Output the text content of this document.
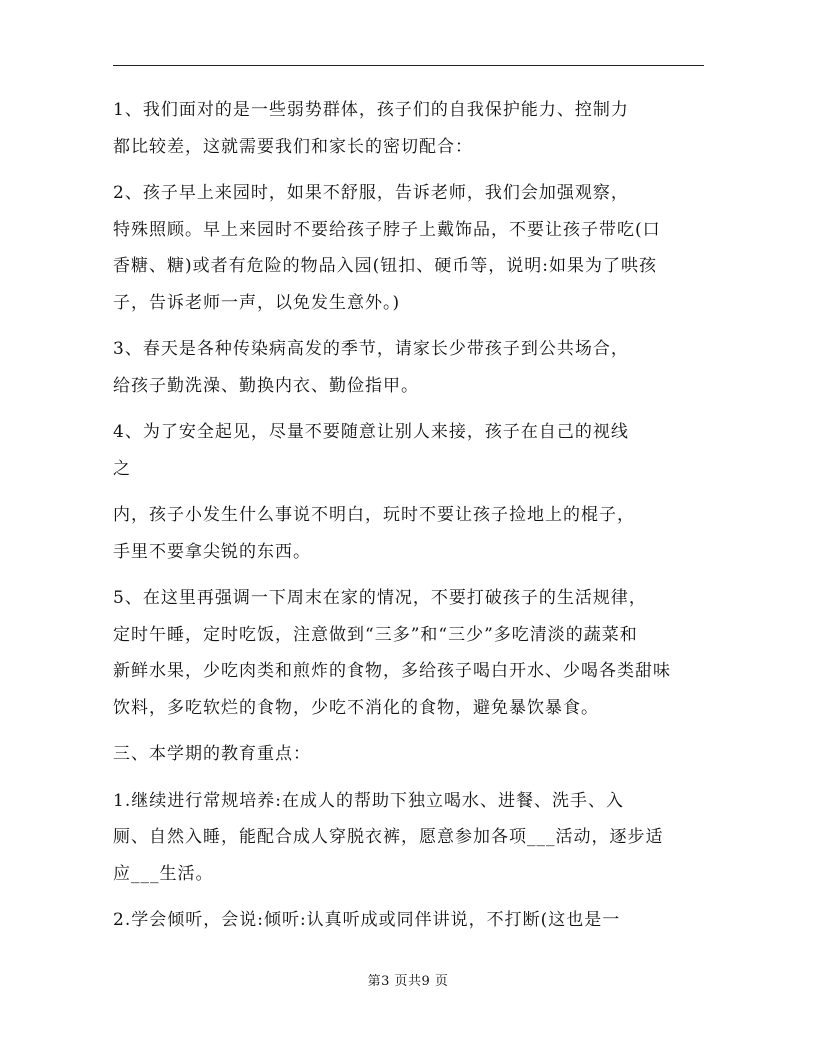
1、我们面对的是一些弱势群体，孩子们的自我保护能力、控制力
都比较差，这就需要我们和家长的密切配合：

2、孩子早上来园时，如果不舒服，告诉老师，我们会加强观察，
特殊照顾。早上来园时不要给孩子脖子上戴饰品，不要让孩子带吃(口
香糖、糖)或者有危险的物品入园(钮扣、硬币等，说明:如果为了哄孩
子，告诉老师一声，以免发生意外。)

3、春天是各种传染病高发的季节，请家长少带孩子到公共场合，
给孩子勤洗澡、勤换内衣、勤俭指甲。

4、为了安全起见，尽量不要随意让别人来接，孩子在自己的视线
之

内，孩子小发生什么事说不明白，玩时不要让孩子捡地上的棍子，
手里不要拿尖锐的东西。

5、在这里再强调一下周末在家的情况，不要打破孩子的生活规律，
定时午睡，定时吃饭，注意做到“三多”和“三少”多吃清淡的蔬菜和
新鲜水果，少吃肉类和煎炸的食物，多给孩子喝白开水、少喝各类甜味
饮料，多吃软烂的食物，少吃不消化的食物，避免暴饮暴食。

三、本学期的教育重点：

1.继续进行常规培养:在成人的帮助下独立喝水、进餐、洗手、入
厕、自然入睡，能配合成人穿脱衣裤，愿意参加各项___活动，逐步适
应___生活。

2.学会倾听，会说:倾听:认真听成或同伴讲说，不打断(这也是一

第3 页共9 页
